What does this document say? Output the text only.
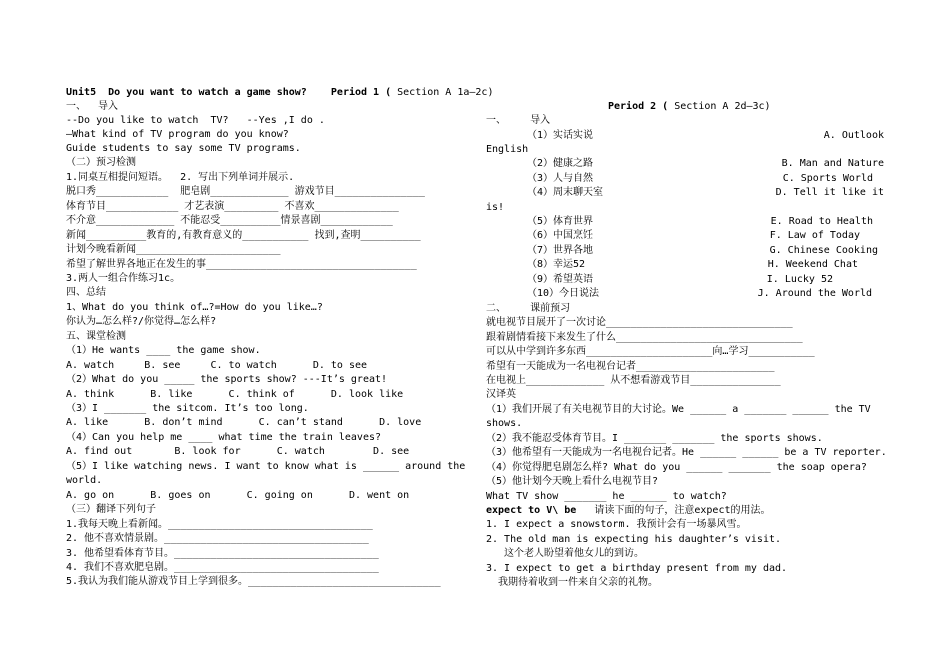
Unit5  Do you want to watch a game show?    Period 1 ( Section A 1a—2c)
一、  导入
--Do you like to watch  TV?   --Yes ,I do .
—What kind of TV program do you know?
Guide students to say some TV programs.
（二）预习检测
1.同桌互相提问短语。  2. 写出下列单词并展示.
脱口秀____________  肥皂剧_____________ 游戏节目_______________
体育节目____________ 才艺表演_________ 不喜欢______________
不介意_____________ 不能忍受__________情景喜剧____________
新闻__________教育的,有教育意义的___________ 找到,查明__________
计划今晚看新闻________________________
希望了解世界各地正在发生的事___________________________________
3.两人一组合作练习1c。
四、总结
1、What do you think of…?=How do you like…?
你认为…怎么样?/你觉得…怎么样?
五、课堂检测
（1）He wants ____ the game show.
A. watch     B. see     C. to watch      D. to see
（2）What do you _____ the sports show? ---It’s great!
A. think      B. like      C. think of      D. look like
（3）I _______ the sitcom. It’s too long.
A. like      B. don’t mind      C. can’t stand      D. love
（4）Can you help me ____ what time the train leaves?
A. find out       B. look for      C. watch        D. see
（5）I like watching news. I want to know what is ______ around the
world.
A. go on      B. goes on      C. going on      D. went on
（三）翻译下列句子
1.我每天晚上看新闻。__________________________________
2. 他不喜欢情景剧。__________________________________
3. 他希望看体育节目。__________________________________
4. 我们不喜欢肥皂剧。__________________________________
5.我认为我们能从游戏节目上学到很多。________________________________
Period 2 ( Section A 2d—3c)
一、    导入
（1）实话实说	A. Outlook
English
（2）健康之路	B. Man and Nature
（3）人与自然	C. Sports World
（4）周末聊天室	D. Tell it like it
is!
（5）体育世界	E. Road to Health
（6）中国烹饪	F. Law of Today
（7）世界各地	G. Chinese Cooking
（8）幸运52	H. Weekend Chat
（9）希望英语	I. Lucky 52
（10）今日说法	J. Around the World
二、    课前预习
就电视节目展开了一次讨论_______________________________
跟着剧情看接下来发生了什么_______________________________
可以从中学到许多东西_____________________向…学习___________
希望有一天能成为一名电视台记者_______________________
在电视上_____________ 从不想看游戏节目_______________
汉译英
（1）我们开展了有关电视节目的大讨论。We ______ a _______ ______ the TV
shows.
（2）我不能忍受体育节目。I _______ _______ the sports shows.
（3）他希望有一天能成为一名电视台记者。He ______ ______ be a TV reporter.
（4）你觉得肥皂剧怎么样? What do you ______ _______ the soap opera?
（5）他计划今天晚上看什么电视节目?
What TV show _______ he ______ to watch?
expect to V\ be   请读下面的句子，注意expect的用法。
1. I expect a snowstorm. 我预计会有一场暴风雪。
2. The old man is expecting his daughter’s visit.
这个老人盼望着他女儿的到访。
3. I expect to get a birthday present from my dad.
我期待着收到一件来自父亲的礼物。
